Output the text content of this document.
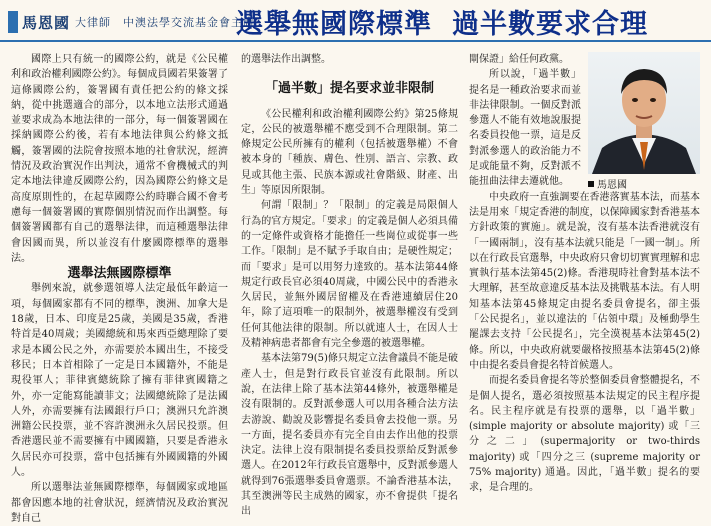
馬恩國 大律師　中澳法學交流基金會主席
選舉無國際標準 過半數要求合理

國際上只有統一的國際公約，就是《公民權利和政治權利國際公約》。每個成員國若果簽署了這條國際公約，簽署國有責任把公約的條文採納，從中挑選適合的部分，以本地立法形式通過並要求成為本地法律的一部分，每一個簽署國在採納國際公約後，若有本地法律與公約條文抵觸，簽署國的法院會按照本地的社會狀況，經濟情況及政治實況作出判決，通常不會機械式的判定本地法律違反國際公約，因為國際公約條文是高度原則性的，在起草國際公約時聯合國不會考慮每一個簽署國的實際個別情況而作出調整。每個簽署國都有自己的選舉法律，而這種選舉法律會因國而異，所以並沒有什麼國際標準的選舉法。

選舉法無國際標準

舉例來說，就參選領導人法定最低年齡這一項，每個國家都有不同的標準，澳洲、加拿大是18歲，日本、印度是25歲，美國是35歲，香港特首是40周歲；美國總統和馬來西亞總理除了要求是本國公民之外，亦需要於本國出生，不接受移民；日本首相除了一定是日本國籍外，不能是現役軍人；菲律賓總統除了擁有菲律賓國籍之外，亦一定能寫能讀菲文；法國總統除了是法國人外，亦需要擁有法國銀行戶口；澳洲只允許澳洲籍公民投票，並不容許澳洲永久居民投票。但香港選民並不需要擁有中國國籍，只要是香港永久居民亦可投票，當中包括擁有外國國籍的外國人。

所以選舉法並無國際標準，每個國家或地區都會因應本地的社會狀況，經濟情況及政治實況對自己

的選舉法作出調整。

「過半數」提名要求並非限制

《公民權利和政治權利國際公約》第25條規定，公民的被選舉權不應受到不合理限制。第二條規定公民所擁有的權利（包括被選舉權）不會被本身的「種族、膚色、性別、語言、宗教、政見或其他主張、民族本源或社會階級、財產、出生」等原因所限制。

何謂「限制」？「限制」的定義是局限個人行為的官方規定。「要求」的定義是個人必須具備的一定條件或資格才能擔任一些崗位或從事一些工作。「限制」是不賦予手取自由；是硬性規定；而「要求」是可以用努力達致的。基本法第44條規定行政長官必須40周歲，中國公民中的香港永久居民，並無外國居留權及在香港連續居住20年，除了這項唯一的限制外，被選舉權沒有受到任何其他法律的限制。所以就連人士，在因人士及精神病患者都會有完全參選的被選舉權。

基本法第79(5)條只規定立法會議員不能是破產人士，但是對行政長官並沒有此限制。所以說，在法律上除了基本法第44條外，被選舉權是沒有限制的。反對派參選人可以用各種合法方法去游說、勸說及影響提名委員會去投他一票。另一方面，提名委員亦有完全自由去作出他的投票決定。法律上沒有限制提名委員投票給反對派參選人。在2012年行政長官選舉中，反對派參選人就得到76張選舉委員會選票。不論香港基本法，其至澳洲等民主成熟的國家，亦不會提供「提名出

閘保證」給任何政黨。

所以說，「過半數」提名是一種政治要求而並非法律限制。一個反對派參選人不能有效地說服提名委員投他一票，這是反對派參選人的政治能力不足或能量不夠，反對派不能扭曲法律去遷就他。

中央政府一直強調要在香港落實基本法，而基本法是用來「規定香港的制度，以保障國家對香港基本方針政策的實施」。就是說，沒有基本法香港就沒有「一國兩制」，沒有基本法就只能是「一國一制」。所以在行政長官選舉，中央政府只會切切實實理解和忠實執行基本法第45(2)條。香港現時社會對基本法不大理解，甚至故意違反基本法及挑戰基本法。有人明知基本法第45條規定由提名委員會提名，卻主張「公民提名」，並以違法的「佔領中環」及極動學生罷課去支持「公民提名」，完全漠視基本法第45(2)條。所以，中央政府就要嚴格按照基本法第45(2)條中由提名委員會提名特首候選人。

而提名委員會提名等於整個委員會整體提名，不是個人提名，選必須按照基本法規定的民主程序提名。民主程序就是有投票的選舉，以「過半數」(simple majority or absolute majority) 或「三分之二」(supermajority or two-thirds majority) 或「四分之三 (supreme majority or 75% majority) 通過。因此，「過半數」提名的要求，是合理的。

馬恩國
